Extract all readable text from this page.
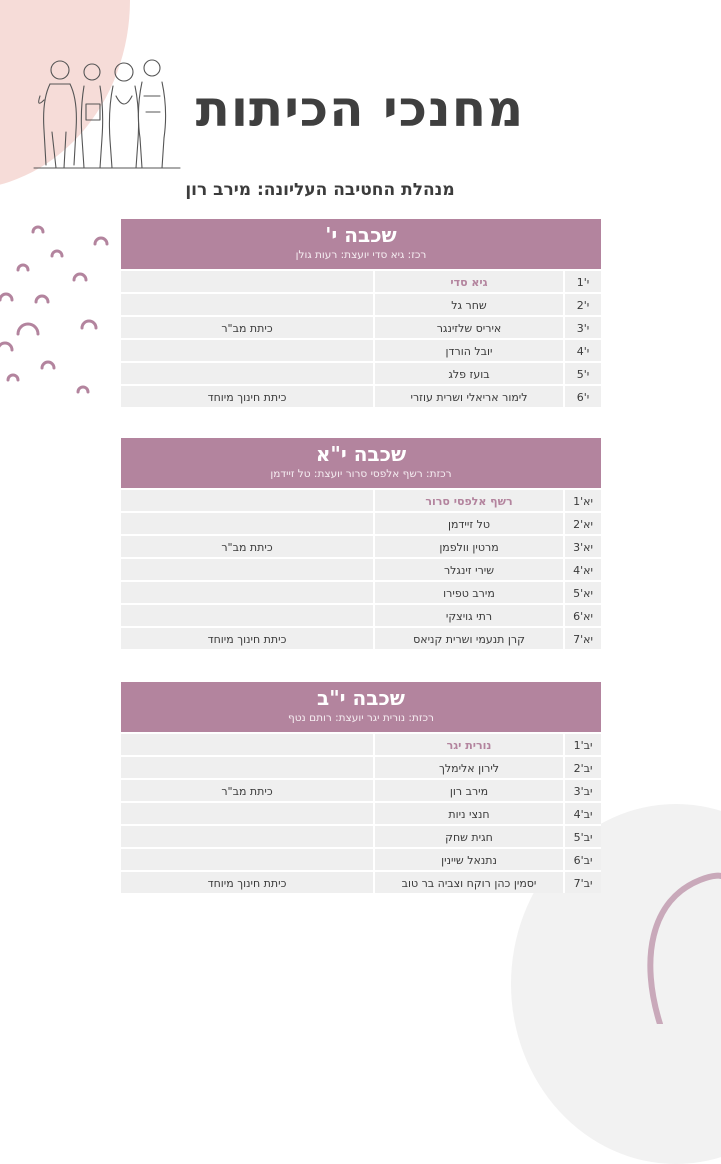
מחנכי הכיתות
מנהלת החטיבה העליונה: מירב רון
שכבה י'
רכז: גיא סדי יועצת: רעות גולן
י'1
גיא סדי
י'2
שחר גל
י'3
איריס שלזינגר
כיתת מב"ר
י'4
יובל הורדן
י'5
בועז פלג
י'6
לימור אריאלי ושרית עוזרי
כיתת חינוך מיוחד
שכבה י"א
רכזת: רשף אלפסי סרור יועצת: טל זיידמן
יא'1
רשף אלפסי סרור
יא'2
טל זיידמן
יא'3
מרטין וולפמן
כיתת מב"ר
יא'4
שירי זינגלר
יא'5
מירב טפירו
יא'6
רתי גויצקי
יא'7
קרן תנעמי ושרית קניאס
כיתת חינוך מיוחד
שכבה י"ב
רכזת: נורית יגר יועצת: רותם נטף
יב'1
נורית יגר
יב'2
לירון אלימלך
יב'3
מירב רון
כיתת מב"ר
יב'4
חנצי ניות
יב'5
חגית שחק
יב'6
נתנאל שיינין
יב'7
יסמין כהן רוקח וצביה בר טוב
כיתת חינוך מיוחד
